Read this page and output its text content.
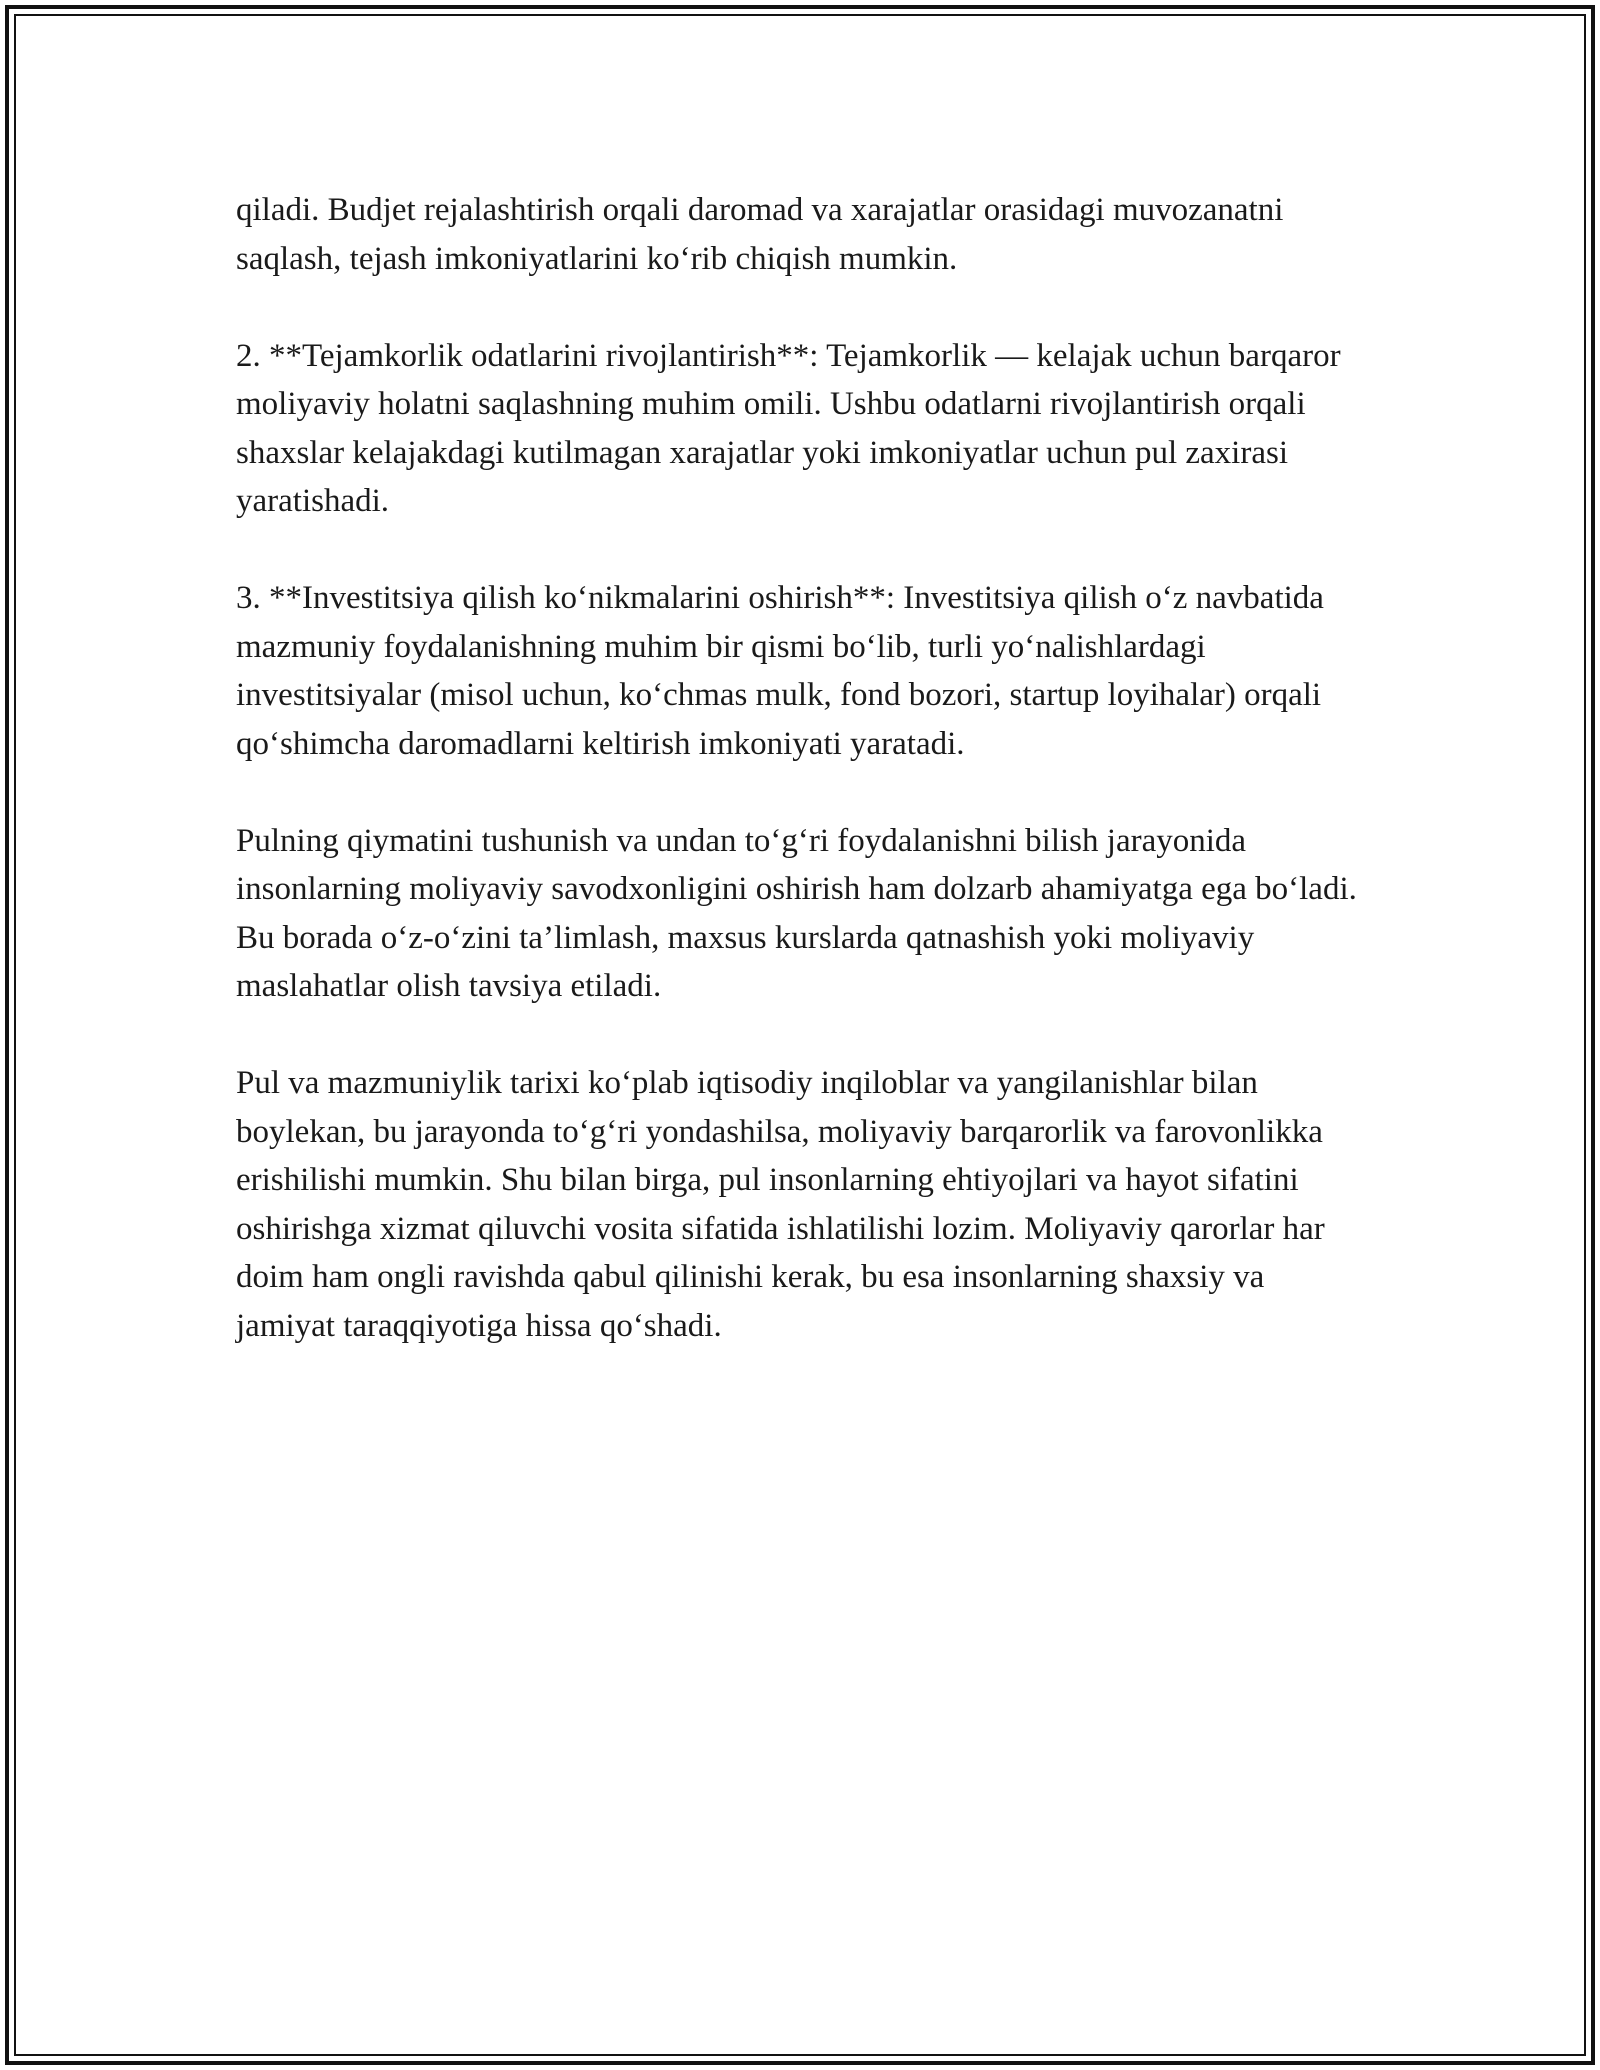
qiladi. Budjet rejalashtirish orqali daromad va xarajatlar orasidagi muvozanatni saqlash, tejash imkoniyatlarini ko‘rib chiqish mumkin.

2. **Tejamkorlik odatlarini rivojlantirish**: Tejamkorlik — kelajak uchun barqaror moliyaviy holatni saqlashning muhim omili. Ushbu odatlarni rivojlantirish orqali shaxslar kelajakdagi kutilmagan xarajatlar yoki imkoniyatlar uchun pul zaxirasi yaratishadi.

3. **Investitsiya qilish ko‘nikmalarini oshirish**: Investitsiya qilish o‘z navbatida mazmuniy foydalanishning muhim bir qismi bo‘lib, turli yo‘nalishlardagi investitsiyalar (misol uchun, ko‘chmas mulk, fond bozori, startup loyihalar) orqali qo‘shimcha daromadlarni keltirish imkoniyati yaratadi.

Pulning qiymatini tushunish va undan to‘g‘ri foydalanishni bilish jarayonida insonlarning moliyaviy savodxonligini oshirish ham dolzarb ahamiyatga ega bo‘ladi. Bu borada o‘z-o‘zini ta’limlash, maxsus kurslarda qatnashish yoki moliyaviy maslahatlar olish tavsiya etiladi.

Pul va mazmuniylik tarixi ko‘plab iqtisodiy inqiloblar va yangilanishlar bilan boylekan, bu jarayonda to‘g‘ri yondashilsa, moliyaviy barqarorlik va farovonlikka erishilishi mumkin. Shu bilan birga, pul insonlarning ehtiyojlari va hayot sifatini oshirishga xizmat qiluvchi vosita sifatida ishlatilishi lozim. Moliyaviy qarorlar har doim ham ongli ravishda qabul qilinishi kerak, bu esa insonlarning shaxsiy va jamiyat taraqqiyotiga hissa qo‘shadi.
